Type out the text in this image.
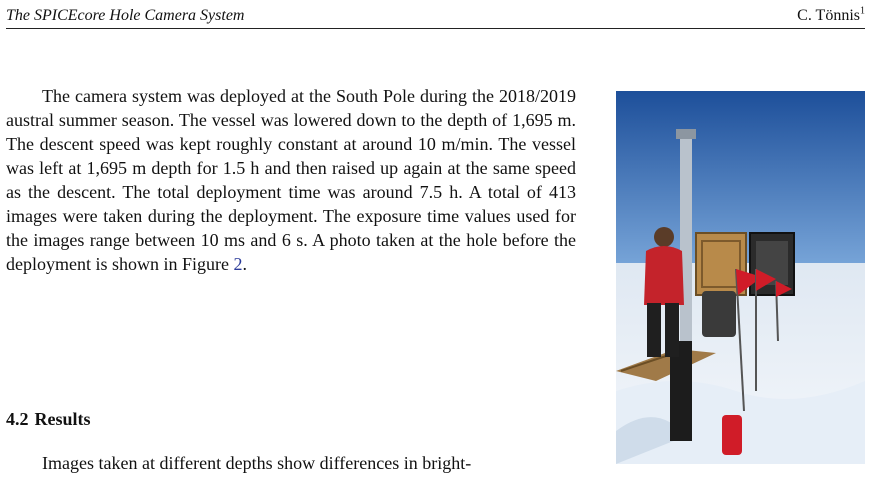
The SPICEcore Hole Camera System	C. Tönnis$^1$

The camera system was deployed at the South Pole during the 2018/2019 austral summer season. The vessel was lowered down to the depth of 1,695 m. The descent speed was kept roughly constant at around 10 m/min. The vessel was left at 1,695 m depth for 1.5 h and then raised up again at the same speed as the descent. The total deployment time was around 7.5 h. A total of 413 images were taken during the deployment. The exposure time values used for the images range between 10 ms and 6 s. A photo taken at the hole before the deployment is shown in Figure 2.

4.2 Results

Images taken at different depths show differences in bright-
